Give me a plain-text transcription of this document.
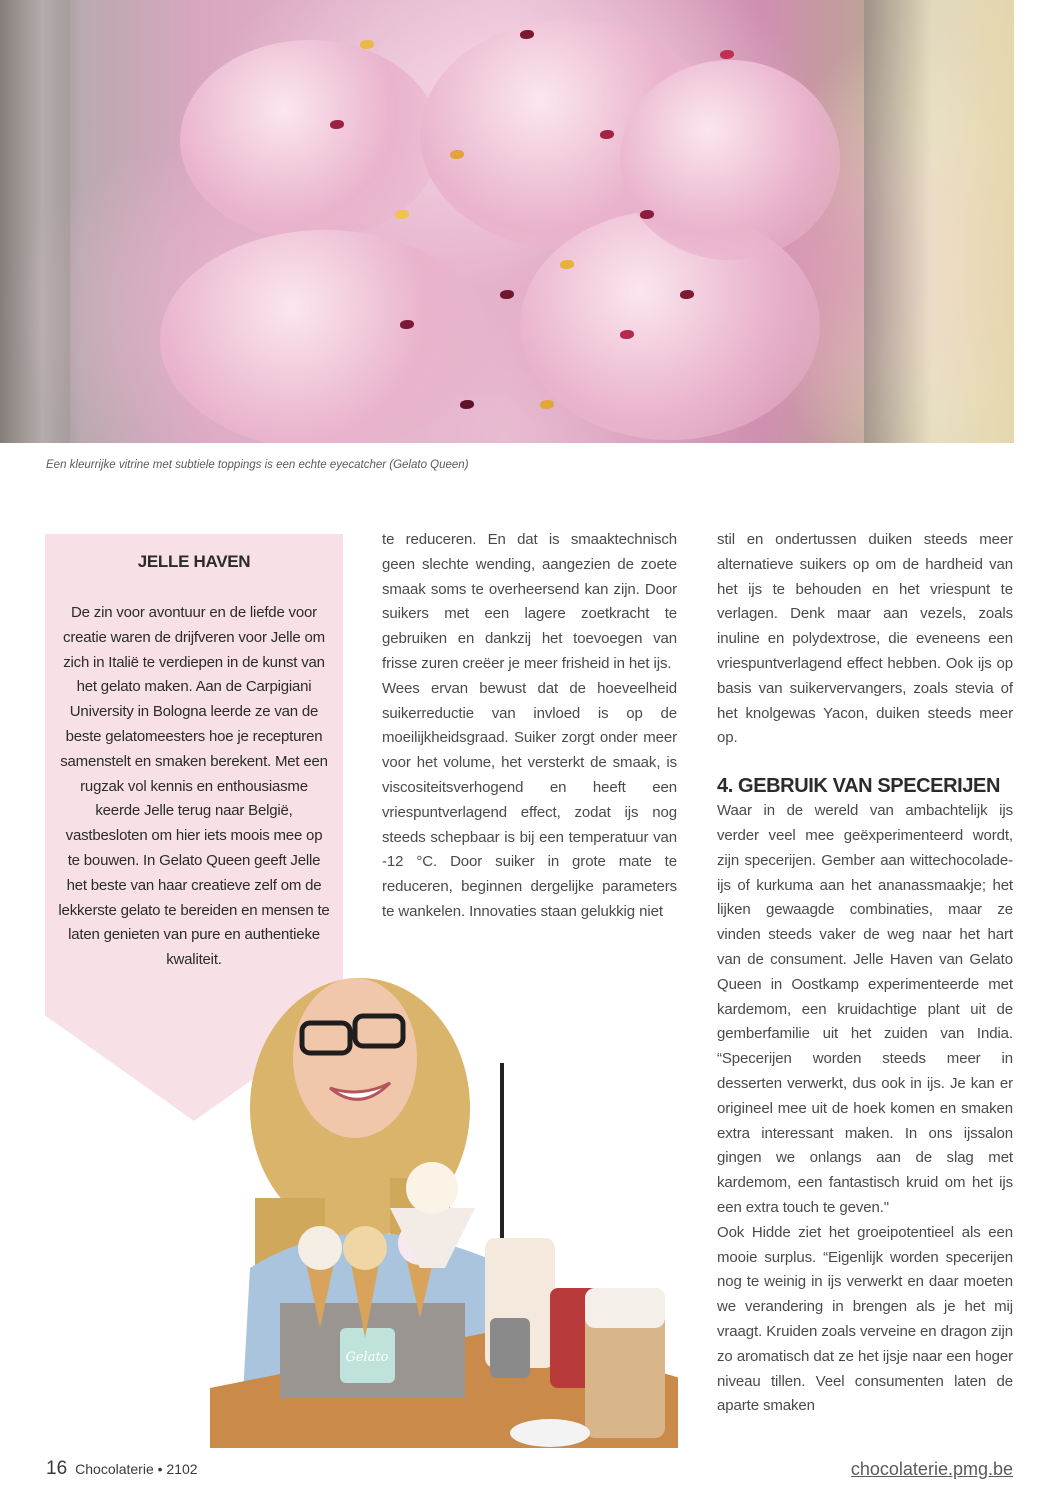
Een kleurrijke vitrine met subtiele toppings is een echte eyecatcher (Gelato Queen)
JELLE HAVEN
De zin voor avontuur en de liefde voor creatie waren de drijfveren voor Jelle om zich in Italië te verdiepen in de kunst van het gelato maken. Aan de Carpigiani University in Bologna leerde ze van de beste gelatomeesters hoe je recepturen samenstelt en smaken berekent. Met een rugzak vol kennis en enthousiasme keerde Jelle terug naar België, vastbesloten om hier iets moois mee op te bouwen. In Gelato Queen geeft Jelle het beste van haar creatieve zelf om de lekkerste gelato te bereiden en mensen te laten genieten van pure en authentieke kwaliteit.

te reduceren. En dat is smaaktechnisch geen slechte wending, aangezien de zoete smaak soms te overheersend kan zijn. Door suikers met een lagere zoetkracht te gebruiken en dankzij het toevoegen van frisse zuren creëer je meer frisheid in het ijs.

Wees ervan bewust dat de hoeveelheid suikerreductie van invloed is op de moeilijkheidsgraad. Suiker zorgt onder meer voor het volume, het versterkt de smaak, is viscositeitsverhogend en heeft een vriespuntverlagend effect, zodat ijs nog steeds schepbaar is bij een temperatuur van -12 °C. Door suiker in grote mate te reduceren, beginnen dergelijke parameters te wankelen. Innovaties staan gelukkig niet

stil en ondertussen duiken steeds meer alternatieve suikers op om de hardheid van het ijs te behouden en het vriespunt te verlagen. Denk maar aan vezels, zoals inuline en polydextrose, die eveneens een vriespuntverlagend effect hebben. Ook ijs op basis van suikervervangers, zoals stevia of het knolgewas Yacon, duiken steeds meer op.

4. GEBRUIK VAN SPECERIJEN

Waar in de wereld van ambachtelijk ijs verder veel mee geëxperimenteerd wordt, zijn specerijen. Gember aan wittechocolade-ijs of kurkuma aan het ananassmaakje; het lijken gewaagde combinaties, maar ze vinden steeds vaker de weg naar het hart van de consument. Jelle Haven van Gelato Queen in Oostkamp experimenteerde met kardemom, een kruidachtige plant uit de gemberfamilie uit het zuiden van India. “Specerijen worden steeds meer in desserten verwerkt, dus ook in ijs. Je kan er origineel mee uit de hoek komen en smaken extra interessant maken. In ons ijssalon gingen we onlangs aan de slag met kardemom, een fantastisch kruid om het ijs een extra touch te geven."

Ook Hidde ziet het groeipotentieel als een mooie surplus. “Eigenlijk worden specerijen nog te weinig in ijs verwerkt en daar moeten we verandering in brengen als je het mij vraagt. Kruiden zoals verveine en dragon zijn zo aromatisch dat ze het ijsje naar een hoger niveau tillen. Veel consumenten laten de aparte smaken

Gelato
16 Chocolaterie • 2102	chocolaterie.pmg.be
